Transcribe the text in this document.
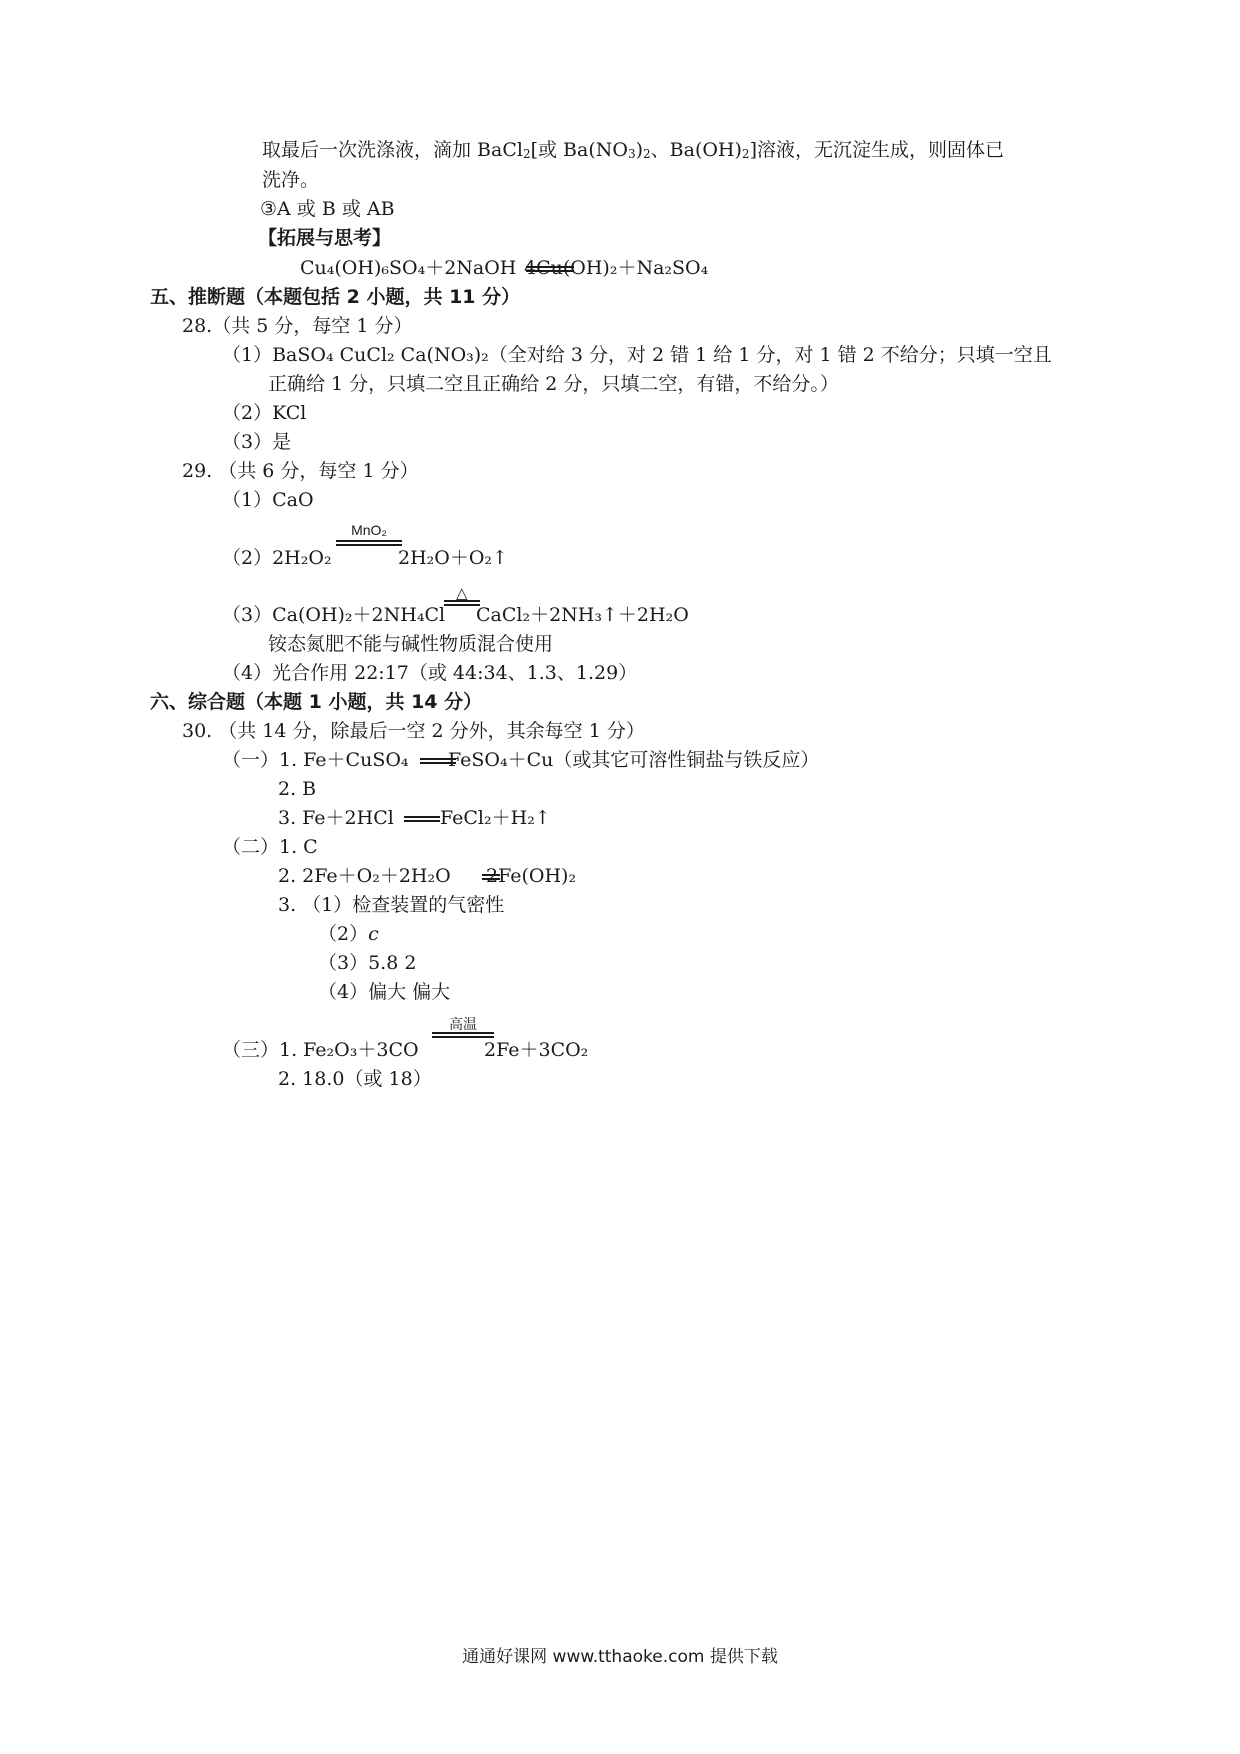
取最后一次洗涤液，滴加 BaCl$_2$[或 $Ba(NO_3)_2$、$Ba(OH)_2$]溶液，无沉淀生成，则固体已
洗净。
③A 或 B 或 AB
【拓展与思考】
Cu₄(OH)₆SO₄＋2NaOH 4Cu(OH)₂＋Na₂SO₄
五、推断题（本题包括 2 小题，共 11 分）
28.（共 5 分，每空 1 分）
（1）BaSO₄ CuCl₂ Ca(NO₃)₂（全对给 3 分，对 2 错 1 给 1 分，对 1 错 2 不给分；只填一空且
正确给 1 分，只填二空且正确给 2 分，只填二空，有错，不给分。）
（2）KCl
（3）是
29. （共 6 分，每空 1 分）
（1）CaO
（2）2H₂O₂
MnO₂
2H₂O＋O₂↑
△
（3）Ca(OH)₂＋2NH₄Cl CaCl₂＋2NH₃↑＋2H₂O
铵态氮肥不能与碱性物质混合使用
（4）光合作用 22:17（或 44:34、1.3、1.29）
六、综合题（本题 1 小题，共 14 分）
30. （共 14 分，除最后一空 2 分外，其余每空 1 分）
（一）1. Fe＋CuSO₄ FeSO₄＋Cu（或其它可溶性铜盐与铁反应）
2. B
3. Fe＋2HCl FeCl₂＋H₂↑
（二）1. C
2. 2Fe＋O₂＋2H₂O 2Fe(OH)₂
3. （1）检查装置的气密性
（2）c
（3）5.8 2
（4）偏大 偏大
高温
（三）1. Fe₂O₃＋3CO	2Fe＋3CO₂
2. 18.0（或 18）
通通好课网 www.tthaoke.com 提供下载
